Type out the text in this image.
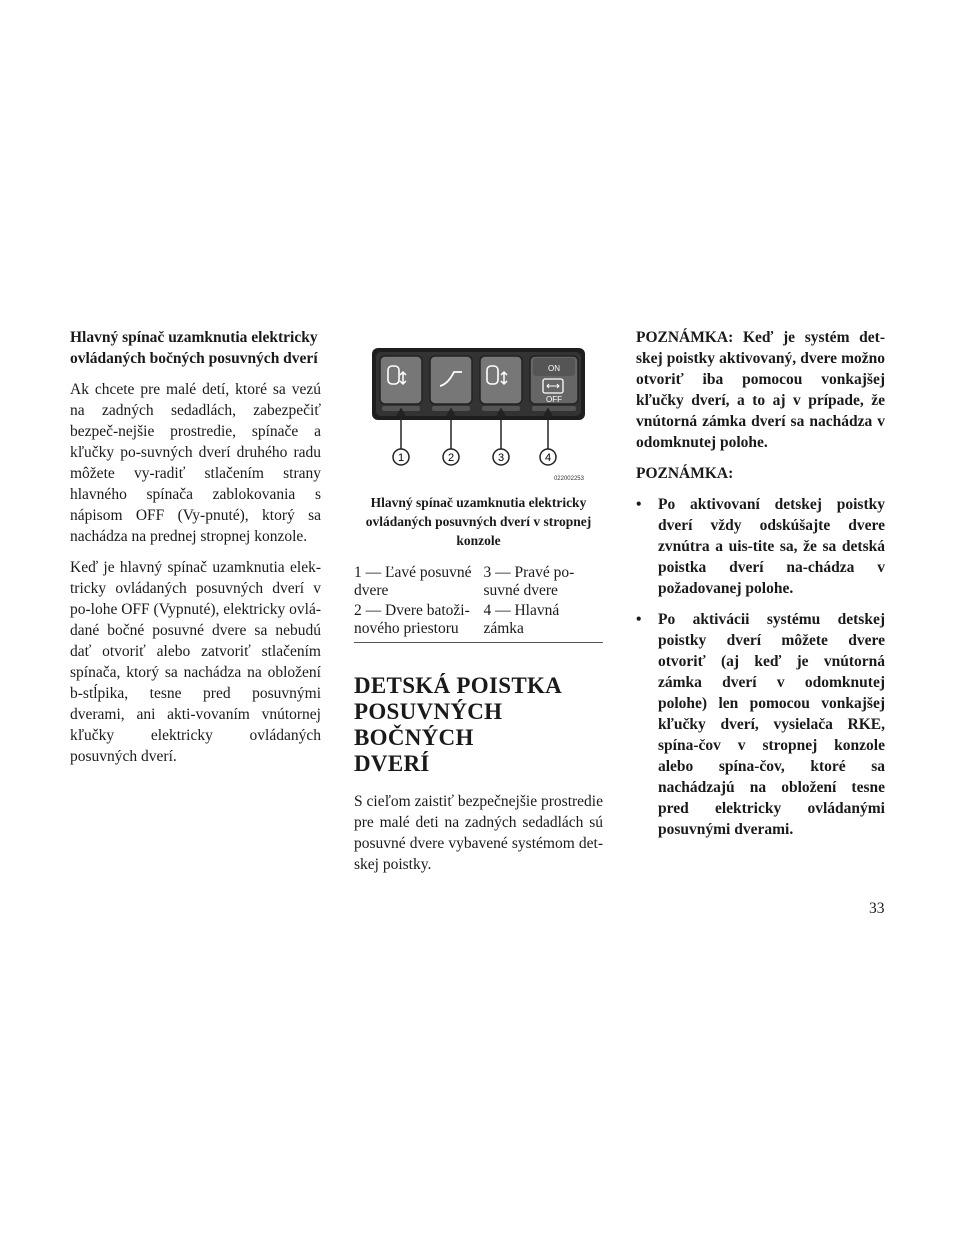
Hlavný spínač uzamknutia elektricky
ovládaných bočných posuvných dverí

Ak chcete pre malé detí, ktoré sa vezú na zadných sedadlách, zabezpečiť bezpeč-nejšie prostredie, spínače a kľučky po-suvných dverí druhého radu môžete vy-radiť stlačením strany hlavného spínača zablokovania s nápisom OFF (Vy-pnuté), ktorý sa nachádza na prednej stropnej konzole.

Keď je hlavný spínač uzamknutia elek-tricky ovládaných posuvných dverí v po-lohe OFF (Vypnuté), elektricky ovlá-dané bočné posuvné dvere sa nebudú dať otvoriť alebo zatvoriť stlačením spínača, ktorý sa nachádza na obložení b-stĺpika, tesne pred posuvnými dverami, ani akti-vovaním vnútornej kľučky elektricky ovládaných posuvných dverí.

ON
OFF
1	2	3	4
022002253
Hlavný spínač uzamknutia elektricky ovládaných posuvných dverí v stropnej konzole
1 — Ľavé posuvné dvere	3 — Pravé po-suvné dvere
2 — Dvere batoži-nového priestoru	4 — Hlavná zámka
DETSKÁ POISTKA
POSUVNÝCH BOČNÝCH
DVERÍ

S cieľom zaistiť bezpečnejšie prostredie pre malé deti na zadných sedadlách sú posuvné dvere vybavené systémom det-skej poistky.

POZNÁMKA: Keď je systém det-skej poistky aktivovaný, dvere možno otvoriť iba pomocou vonkajšej kľučky dverí, a to aj v prípade, že vnútorná zámka dverí sa nachádza v odomknutej polohe.

POZNÁMKA:

• Po aktivovaní detskej poistky dverí vždy odskúšajte dvere zvnútra a uis-tite sa, že sa detská poistka dverí na-chádza v požadovanej polohe.
• Po aktivácii systému detskej poistky dverí môžete dvere otvoriť (aj keď je vnútorná zámka dverí v odomknutej polohe) len pomocou vonkajšej kľučky dverí, vysielača RKE, spína-čov v stropnej konzole alebo spína-čov, ktoré sa nachádzajú na obložení tesne pred elektricky ovládanými posuvnými dverami.
33
